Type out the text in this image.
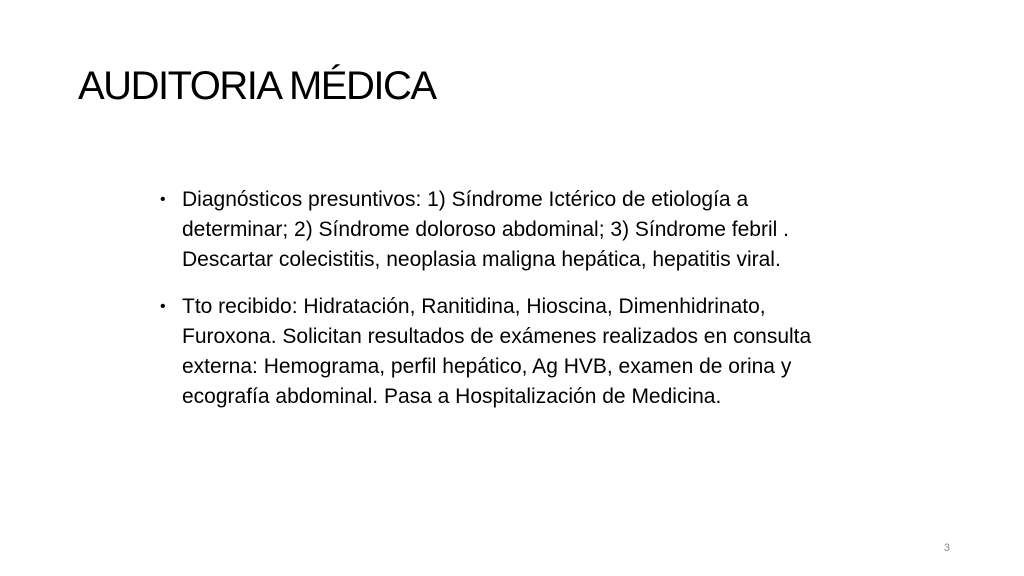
AUDITORIA MÉDICA
• Diagnósticos presuntivos: 1) Síndrome Ictérico de etiología a determinar; 2) Síndrome doloroso abdominal; 3) Síndrome febril . Descartar colecistitis, neoplasia maligna hepática, hepatitis viral.
• Tto recibido: Hidratación, Ranitidina, Hioscina, Dimenhidrinato, Furoxona. Solicitan resultados de exámenes realizados en consulta externa: Hemograma, perfil hepático, Ag HVB, examen de orina y ecografía abdominal. Pasa a Hospitalización de Medicina.
3
